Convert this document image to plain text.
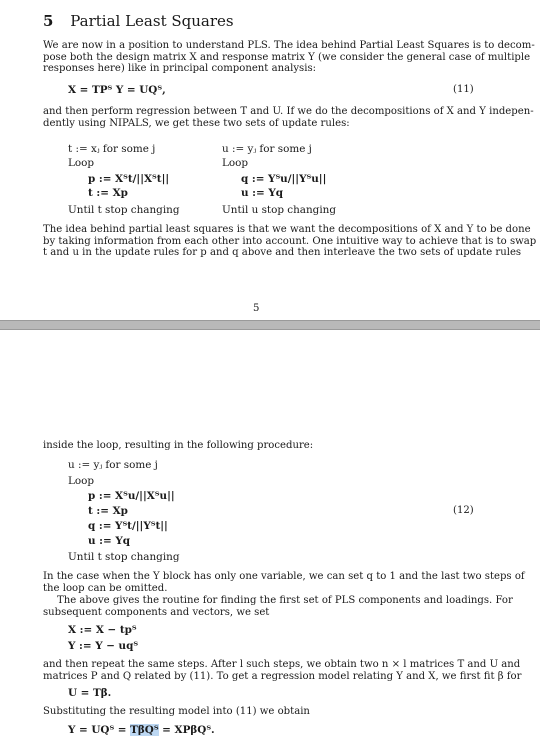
5 Partial Least Squares
We are now in a position to understand PLS. The idea behind Partial Least Squares is to decom-
pose both the design matrix X and response matrix Y (we consider the general case of multiple
responses here) like in principal component analysis:
X = TPᵀ Y = UQᵀ,	(11)
and then perform regression between T and U. If we do the decompositions of X and Y indepen-
dently using NIPALS, we get these two sets of update rules:
t := xⱼ for some j
Loop
p := Xᵀt/||Xᵀt||
t := Xp
Until t stop changing
u := yⱼ for some j
Loop
q := Yᵀu/||Yᵀu||
u := Yq
Until u stop changing
The idea behind partial least squares is that we want the decompositions of X and Y to be done
by taking information from each other into account. One intuitive way to achieve that is to swap
t and u in the update rules for p and q above and then interleave the two sets of update rules
5
inside the loop, resulting in the following procedure:
u := yⱼ for some j
Loop
p := Xᵀu/||Xᵀu||
t := Xp
q := Yᵀt/||Yᵀt||
u := Yq
Until t stop changing
(12)
In the case when the Y block has only one variable, we can set q to 1 and the last two steps of
the loop can be omitted.
The above gives the routine for finding the first set of PLS components and loadings. For
subsequent components and vectors, we set
X := X − tpᵀ
Y := Y − uqᵀ
and then repeat the same steps. After l such steps, we obtain two n × l matrices T and U and
matrices P and Q related by (11). To get a regression model relating Y and X, we first fit β for
U = Tβ.
Substituting the resulting model into (11) we obtain
Y = UQᵀ = TβQᵀ = XPβQᵀ.
